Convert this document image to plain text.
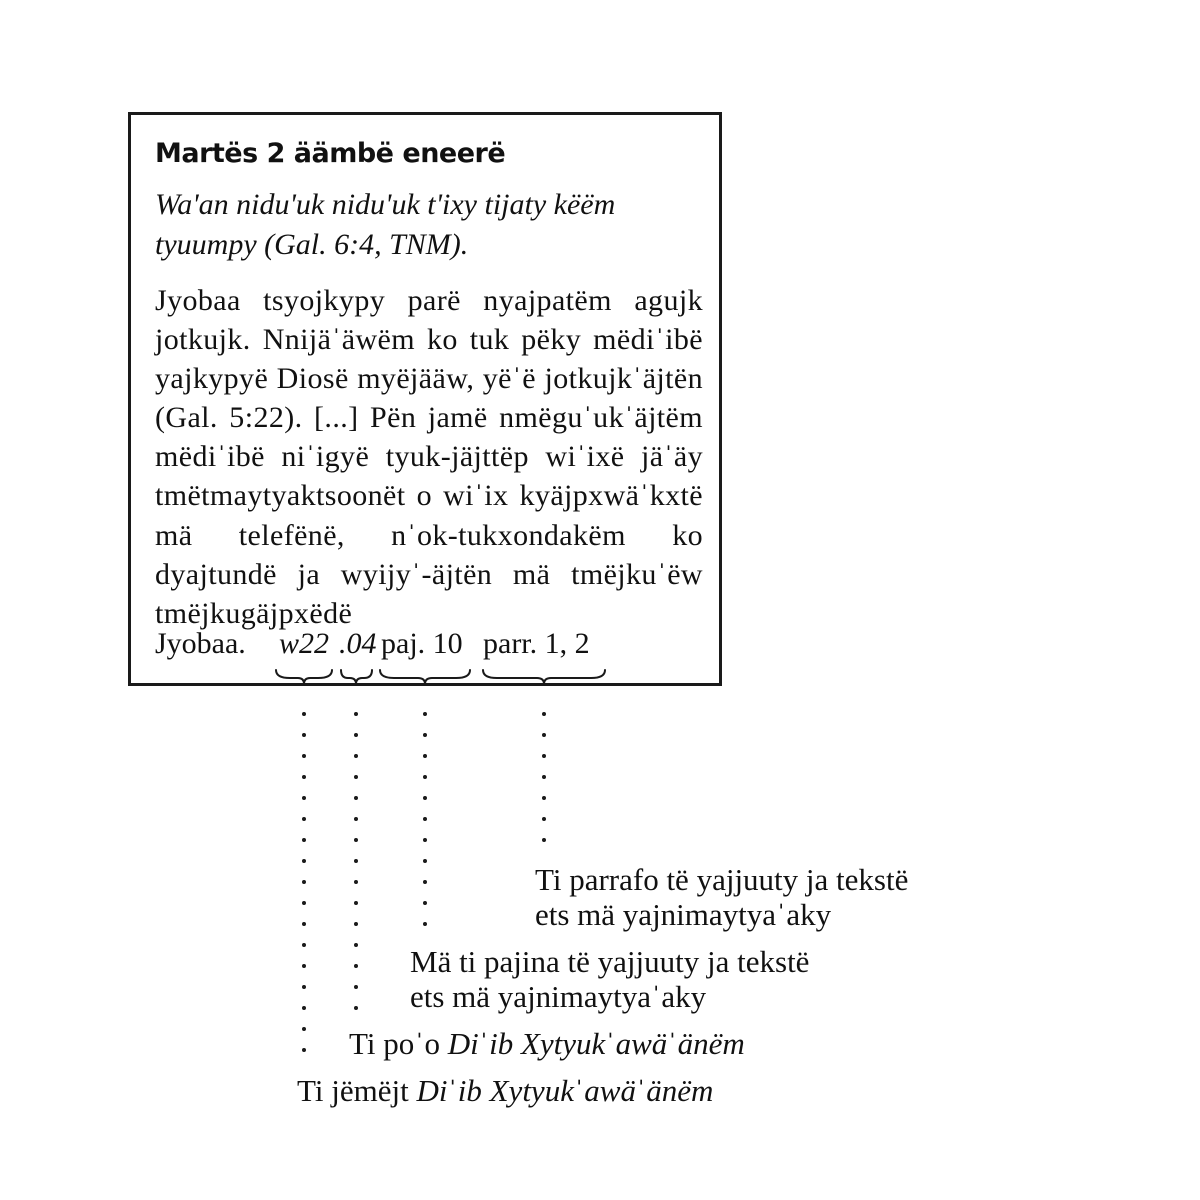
Martës 2 äämbë eneerë
Wa'an nidu'uk nidu'uk t'ixy tijaty këëm tyuumpy (Gal. 6:4, TNM).
Jyobaa tsyojkypy parë nyajpatëm agujk jotkujk. Nnijäˈäwëm ko tuk pëky mëdiˈibë yajkypyë Diosë myëjääw, yëˈë jotkujkˈäjtën (Gal. 5:22). [...] Pën jamë nmëguˈukˈäjtëm mëdiˈibë niˈigyë tyuk-jäjttëp wiˈixë jäˈäy tmëtmaytyaktsoonët o wiˈix kyäjpxwäˈkxtë mä telefënë, nˈok-tukxondakëm ko dyajtundë ja wyijyˈ-äjtën mä tmëjkuˈëw tmëjkugäjpxëdë
Jyobaa. w22 .04 paj. 10 parr. 1, 2
Ti parrafo të yajjuuty ja tekstë
ets mä yajnimaytyaˈaky
Mä ti pajina të yajjuuty ja tekstë
ets mä yajnimaytyaˈaky
Ti poˈo Diˈib Xytyukˈawäˈänëm
Ti jëmëjt Diˈib Xytyukˈawäˈänëm
